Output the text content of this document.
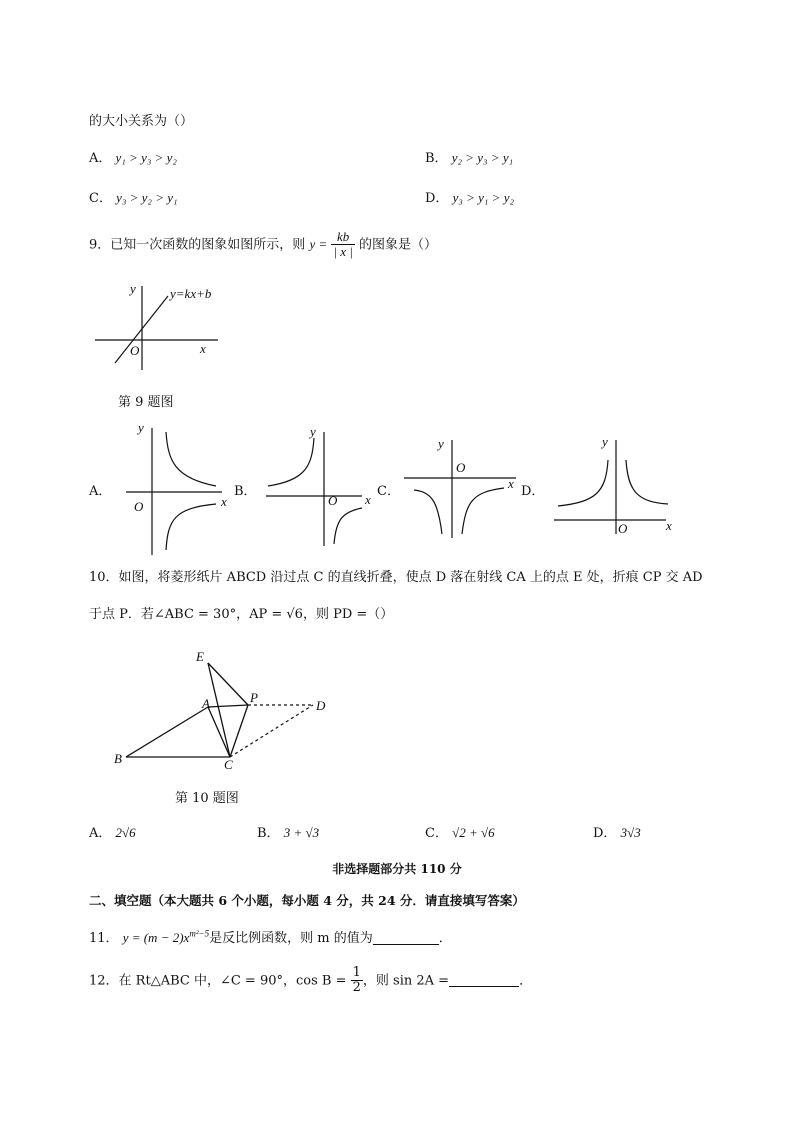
的大小关系为（）
A． y₁ > y₃ > y₂	B． y₂ > y₃ > y₁
C． y₃ > y₂ > y₁	D． y₃ > y₁ > y₂
9．已知一次函数的图象如图所示，则 $y = \frac{kb}{| x |}$ 的图象是（）
y
x
O
y=kx+b
第 9 题图
A．
y
x
O
B．
y
x
O
C．
y
x
O
D．
y
x
O
10．如图，将菱形纸片 ABCD 沿过点 C 的直线折叠，使点 D 落在射线 CA 上的点 E 处，折痕 CP 交 AD
于点 P．若∠ABC = 30°，AP = √6，则 PD =（）
E
A	P
D
B	C
第 10 题图
A． 2√6	B． 3 + √3	C． √2 + √6	D． 3√3
非选择题部分共 110 分
二、填空题（本大题共 6 个小题，每小题 4 分，共 24 分．请直接填写答案）
11． $y = (m - 2)x^{m^2-5}$是反比例函数，则 m 的值为	．
12．在 Rt△ABC 中，∠C = 90°，$\cos B = \frac{1}{2}$ ，则 sin 2A =	．
